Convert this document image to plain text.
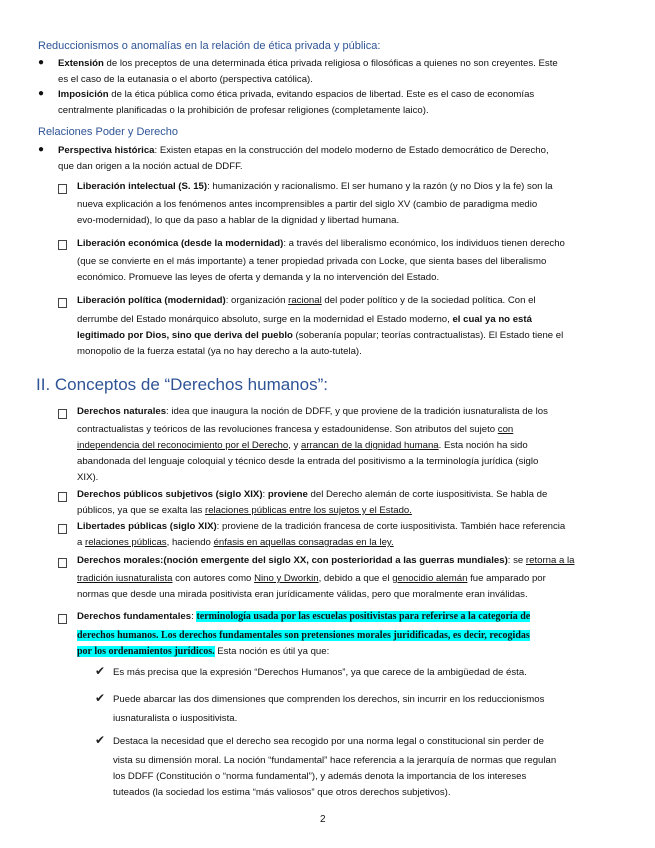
Reduccionismos o anomalías en la relación de ética privada y pública:
● Extensión de los preceptos de una determinada ética privada religiosa o filosóficas a quienes no son creyentes. Este
es el caso de la eutanasia o el aborto (perspectiva católica).
● Imposición de la ética pública como ética privada, evitando espacios de libertad. Este es el caso de economías
centralmente planificadas o la prohibición de profesar religiones (completamente laico).
Relaciones Poder y Derecho
● Perspectiva histórica: Existen etapas en la construcción del modelo moderno de Estado democrático de Derecho,
que dan origen a la noción actual de DDFF.
Liberación intelectual (S. 15): humanización y racionalismo. El ser humano y la razón (y no Dios y la fe) son la
nueva explicación a los fenómenos antes incomprensibles a partir del siglo XV (cambio de paradigma medio
evo-modernidad), lo que da paso a hablar de la dignidad y libertad humana.
Liberación económica (desde la modernidad): a través del liberalismo económico, los individuos tienen derecho
(que se convierte en el más importante) a tener propiedad privada con Locke, que sienta bases del liberalismo
económico. Promueve las leyes de oferta y demanda y la no intervención del Estado.
Liberación política (modernidad): organización racional del poder político y de la sociedad política. Con el
derrumbe del Estado monárquico absoluto, surge en la modernidad el Estado moderno, el cual ya no está
legitimado por Dios, sino que deriva del pueblo (soberanía popular; teorías contractualistas). El Estado tiene el
monopolio de la fuerza estatal (ya no hay derecho a la auto-tutela).
II. Conceptos de “Derechos humanos”:
Derechos naturales: idea que inaugura la noción de DDFF, y que proviene de la tradición iusnaturalista de los
contractualistas y teóricos de las revoluciones francesa y estadounidense. Son atributos del sujeto con
independencia del reconocimiento por el Derecho, y arrancan de la dignidad humana. Esta noción ha sido
abandonada del lenguaje coloquial y técnico desde la entrada del positivismo a la terminología jurídica (siglo
XIX).
Derechos públicos subjetivos (siglo XIX): proviene del Derecho alemán de corte iuspositivista. Se habla de
públicos, ya que se exalta las relaciones públicas entre los sujetos y el Estado.
Libertades públicas (siglo XIX): proviene de la tradición francesa de corte iuspositivista. También hace referencia
a relaciones públicas, haciendo énfasis en aquellas consagradas en la ley.
Derechos morales:(noción emergente del siglo XX, con posterioridad a las guerras mundiales): se retorna a la
tradición iusnaturalista con autores como Nino y Dworkin, debido a que el genocidio alemán fue amparado por
normas que desde una mirada positivista eran jurídicamente válidas, pero que moralmente eran inválidas.
Derechos fundamentales: terminología usada por las escuelas positivistas para referirse a la categoría de
derechos humanos. Los derechos fundamentales son pretensiones morales juridificadas, es decir, recogidas
por los ordenamientos jurídicos. Esta noción es útil ya que:
✔ Es más precisa que la expresión “Derechos Humanos”, ya que carece de la ambigüedad de ésta.
✔ Puede abarcar las dos dimensiones que comprenden los derechos, sin incurrir en los reduccionismos
iusnaturalista o iuspositivista.
✔ Destaca la necesidad que el derecho sea recogido por una norma legal o constitucional sin perder de
vista su dimensión moral. La noción “fundamental” hace referencia a la jerarquía de normas que regulan
los DDFF (Constitución o “norma fundamental”), y además denota la importancia de los intereses
tuteados (la sociedad los estima “más valiosos” que otros derechos subjetivos).
2
